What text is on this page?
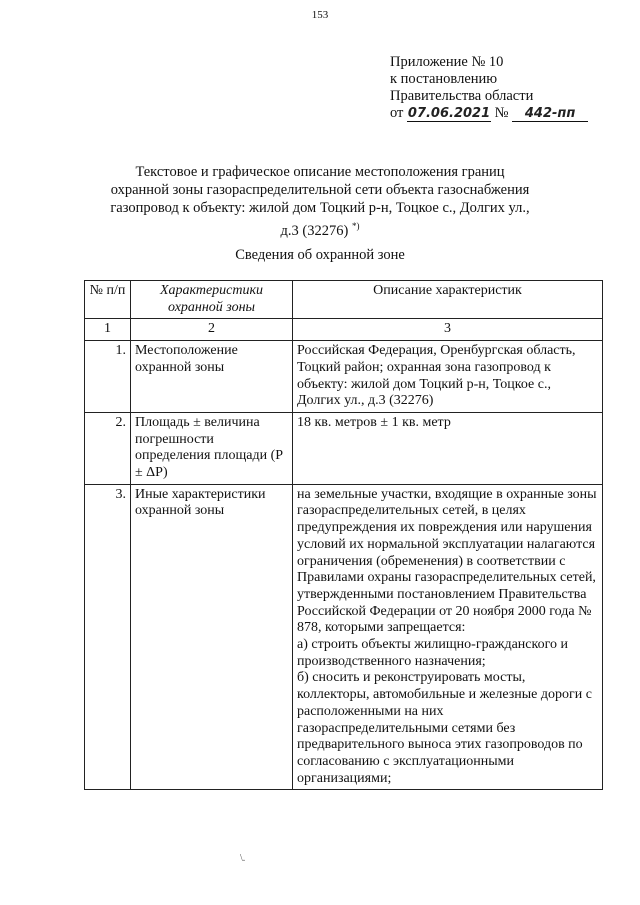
153
Приложение № 10
к постановлению
Правительства области
от 07.06.2021 № 442-пп
Текстовое и графическое описание местоположения границ
охранной зоны газораспределительной сети объекта газоснабжения
газопровод к объекту: жилой дом Тоцкий р-н, Тоцкое с., Долгих ул.,
д.3 (32276) *)
Сведения об охранной зоне
№ п/п	Характеристики охранной зоны	Описание характеристик
1	2	3
1.	Местоположение охранной зоны	Российская Федерация, Оренбургская область, Тоцкий район; охранная зона газопровод к объекту: жилой дом Тоцкий р-н, Тоцкое с., Долгих ул., д.3 (32276)
2.	Площадь ± величина погрешности определения площади (P ± ΔP)	18 кв. метров ± 1 кв. метр
3.	Иные характеристики охранной зоны	на земельные участки, входящие в охранные зоны газораспределительных сетей, в целях предупреждения их повреждения или нарушения условий их нормальной эксплуатации налагаются ограничения (обременения) в соответствии с Правилами охраны газораспределительных сетей, утвержденными постановлением Правительства Российской Федерации от 20 ноября 2000 года № 878, которыми запрещается:
а) строить объекты жилищно-гражданского и производственного назначения;
б) сносить и реконструировать мосты, коллекторы, автомобильные и железные дороги с расположенными на них газораспределительными сетями без предварительного выноса этих газопроводов по согласованию с эксплуатационными организациями;
\.
